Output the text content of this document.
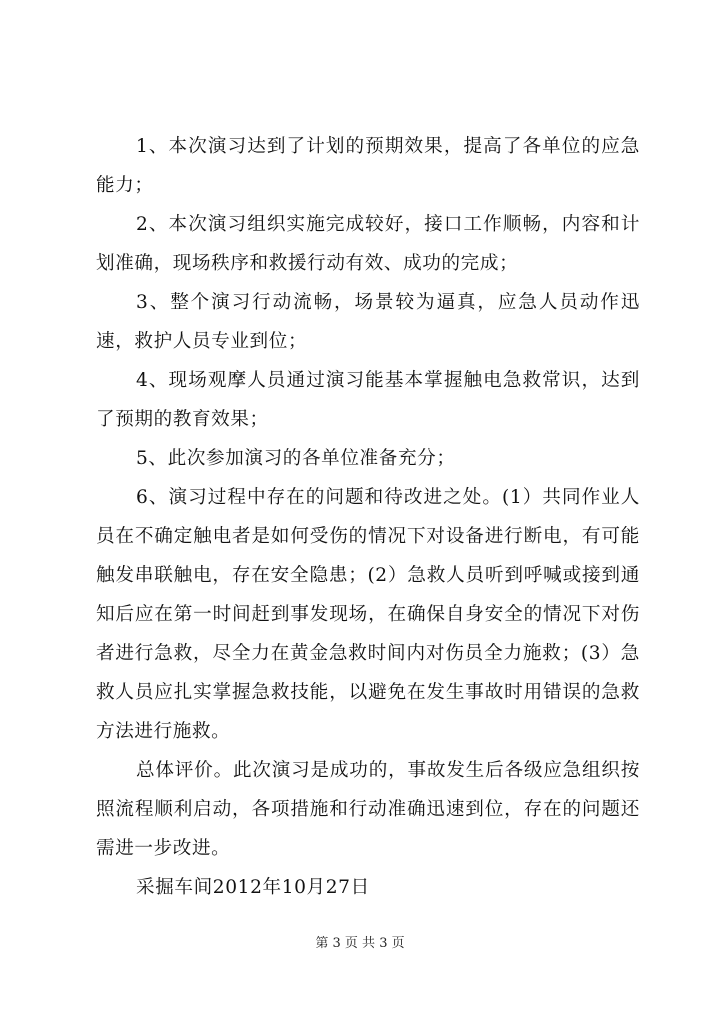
1、本次演习达到了计划的预期效果，提高了各单位的应急能力；

2、本次演习组织实施完成较好，接口工作顺畅，内容和计划准确，现场秩序和救援行动有效、成功的完成；

3、整个演习行动流畅，场景较为逼真，应急人员动作迅速，救护人员专业到位；

4、现场观摩人员通过演习能基本掌握触电急救常识，达到了预期的教育效果；

5、此次参加演习的各单位准备充分；

6、演习过程中存在的问题和待改进之处。(1）共同作业人员在不确定触电者是如何受伤的情况下对设备进行断电，有可能触发串联触电，存在安全隐患；(2）急救人员听到呼喊或接到通知后应在第一时间赶到事发现场，在确保自身安全的情况下对伤者进行急救，尽全力在黄金急救时间内对伤员全力施救；(3）急救人员应扎实掌握急救技能，以避免在发生事故时用错误的急救方法进行施救。

总体评价。此次演习是成功的，事故发生后各级应急组织按照流程顺利启动，各项措施和行动准确迅速到位，存在的问题还需进一步改进。

采掘车间2012年10月27日

第 3 页 共 3 页
